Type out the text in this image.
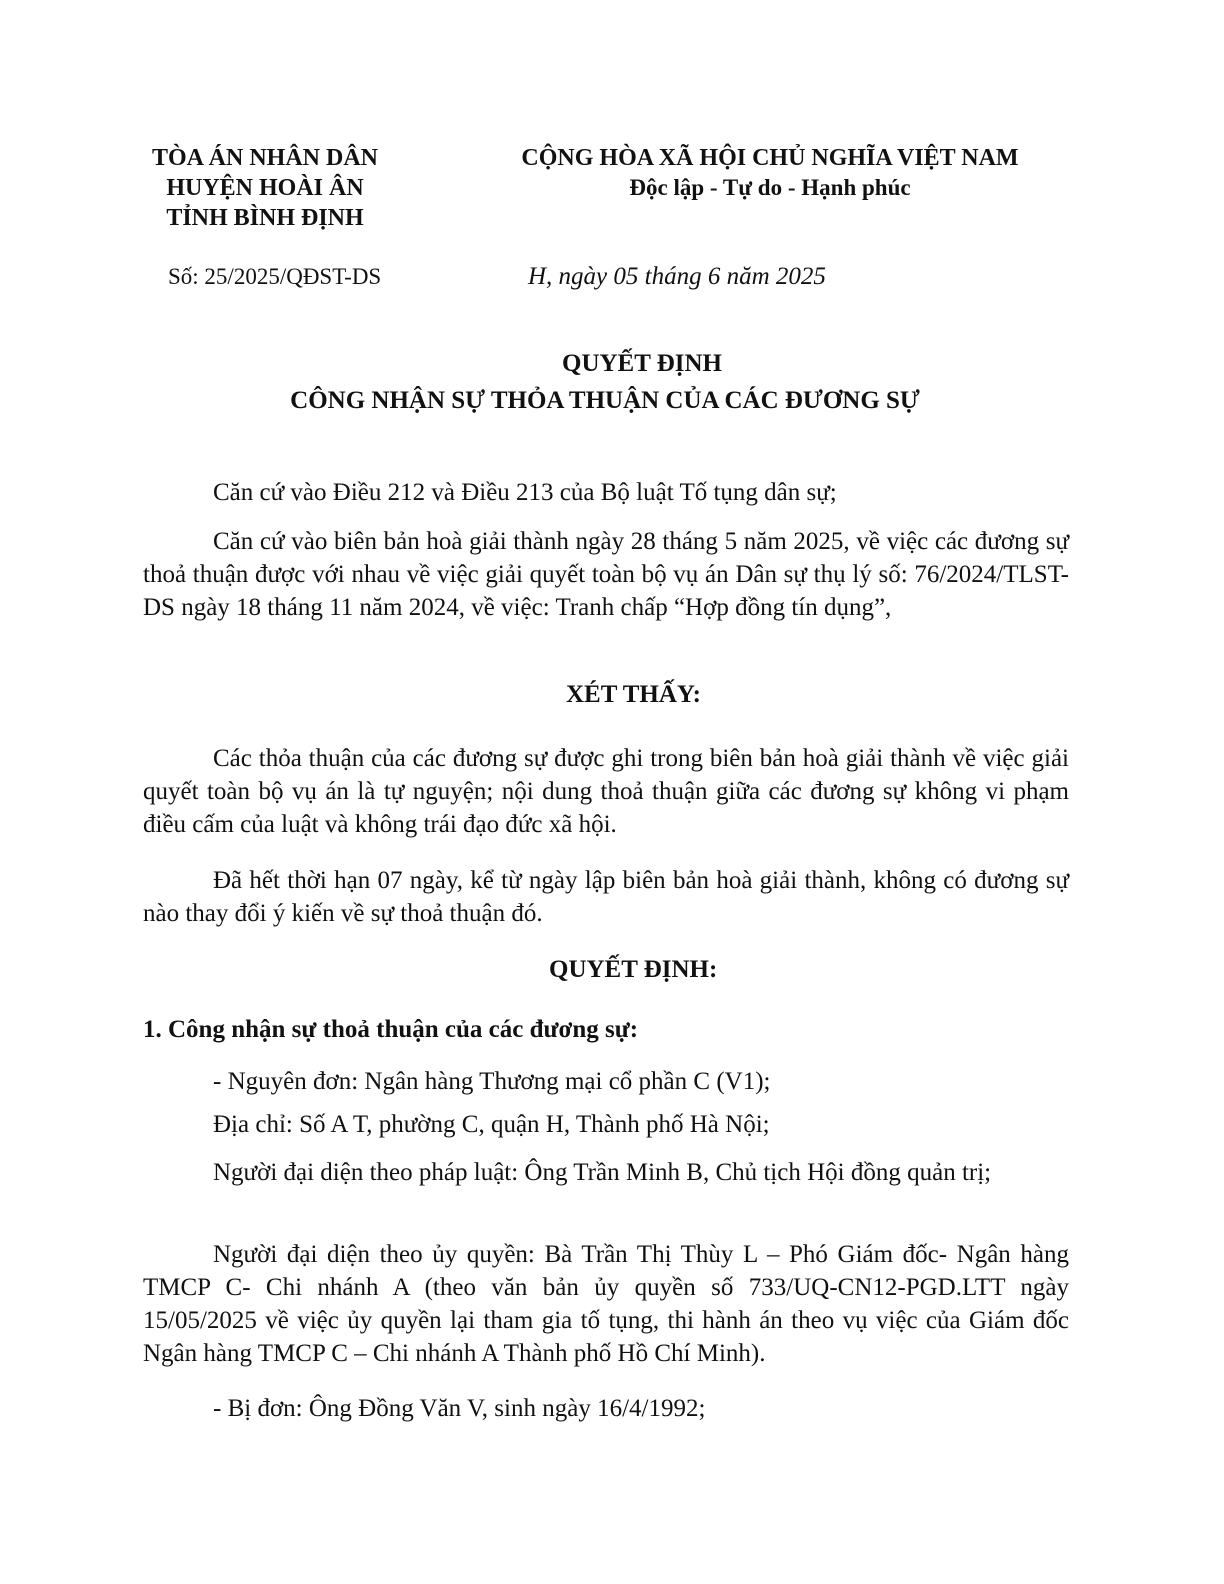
TÒA ÁN NHÂN DÂN
HUYỆN HOÀI ÂN
TỈNH BÌNH ĐỊNH
CỘNG HÒA XÃ HỘI CHỦ NGHĨA VIỆT NAM
Độc lập - Tự do - Hạnh phúc
Số: 25/2025/QĐST-DS	H, ngày 05 tháng 6 năm 2025
QUYẾT ĐỊNH
CÔNG NHẬN SỰ THỎA THUẬN CỦA CÁC ĐƯƠNG SỰ
Căn cứ vào Điều 212 và Điều 213 của Bộ luật Tố tụng dân sự;
Căn cứ vào biên bản hoà giải thành ngày 28 tháng 5 năm 2025, về việc các đương sự thoả thuận được với nhau về việc giải quyết toàn bộ vụ án Dân sự thụ lý số: 76/2024/TLST-DS ngày 18 tháng 11 năm 2024, về việc: Tranh chấp “Hợp đồng tín dụng”,
XÉT THẤY:
Các thỏa thuận của các đương sự được ghi trong biên bản hoà giải thành về việc giải quyết toàn bộ vụ án là tự nguyện; nội dung thoả thuận giữa các đương sự không vi phạm điều cấm của luật và không trái đạo đức xã hội.
Đã hết thời hạn 07 ngày, kể từ ngày lập biên bản hoà giải thành, không có đương sự nào thay đổi ý kiến về sự thoả thuận đó.
QUYẾT ĐỊNH:
1. Công nhận sự thoả thuận của các đương sự:
- Nguyên đơn: Ngân hàng Thương mại cổ phần C (V1);
Địa chỉ: Số A T, phường C, quận H, Thành phố Hà Nội;
Người đại diện theo pháp luật: Ông Trần Minh B, Chủ tịch Hội đồng quản trị;
Người đại diện theo ủy quyền: Bà Trần Thị Thùy L – Phó Giám đốc- Ngân hàng TMCP C- Chi nhánh A (theo văn bản ủy quyền số 733/UQ-CN12-PGD.LTT ngày 15/05/2025 về việc ủy quyền lại tham gia tố tụng, thi hành án theo vụ việc của Giám đốc Ngân hàng TMCP C – Chi nhánh A Thành phố Hồ Chí Minh).
- Bị đơn: Ông Đồng Văn V, sinh ngày 16/4/1992;
